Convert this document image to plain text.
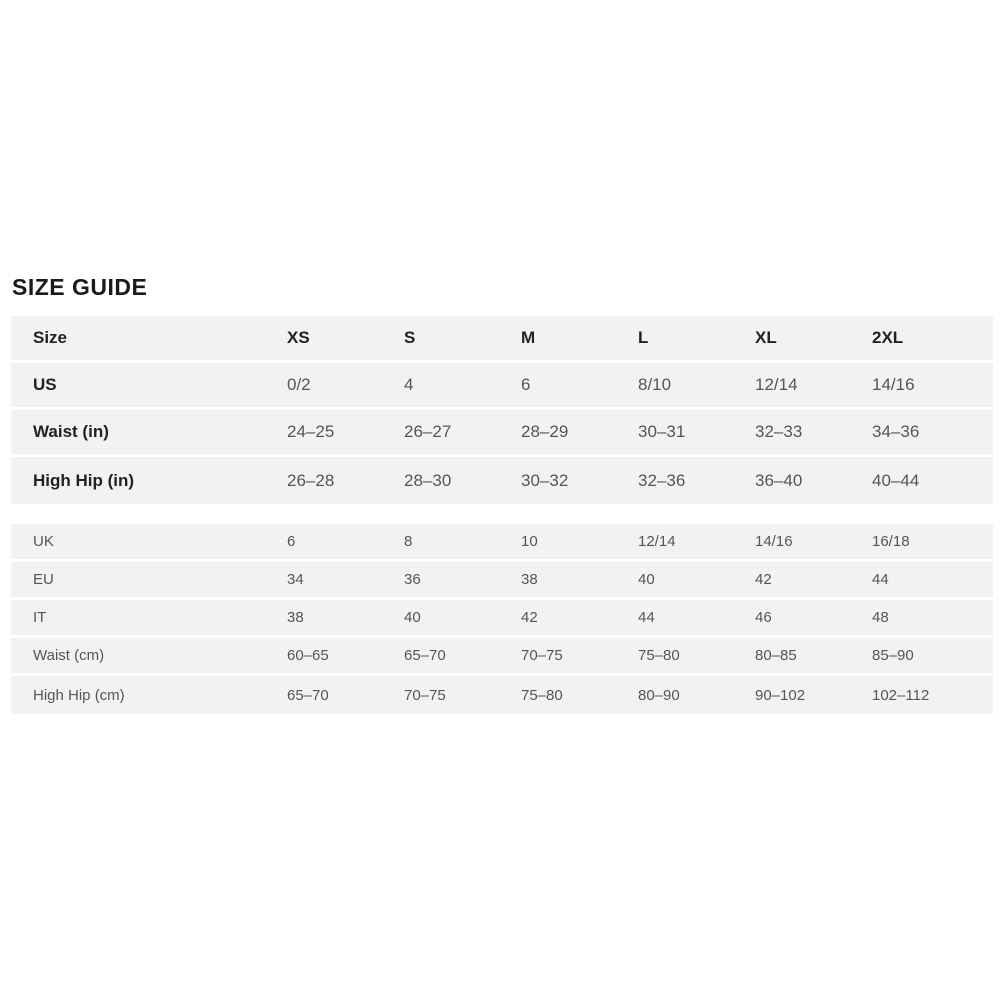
SIZE GUIDE
Size	XS	S	M	L	XL	2XL
US	0/2	4	6	8/10	12/14	14/16
Waist (in)	24–25	26–27	28–29	30–31	32–33	34–36
High Hip (in)	26–28	28–30	30–32	32–36	36–40	40–44
UK	6	8	10	12/14	14/16	16/18
EU	34	36	38	40	42	44
IT	38	40	42	44	46	48
Waist (cm)	60–65	65–70	70–75	75–80	80–85	85–90
High Hip (cm)	65–70	70–75	75–80	80–90	90–102	102–112
